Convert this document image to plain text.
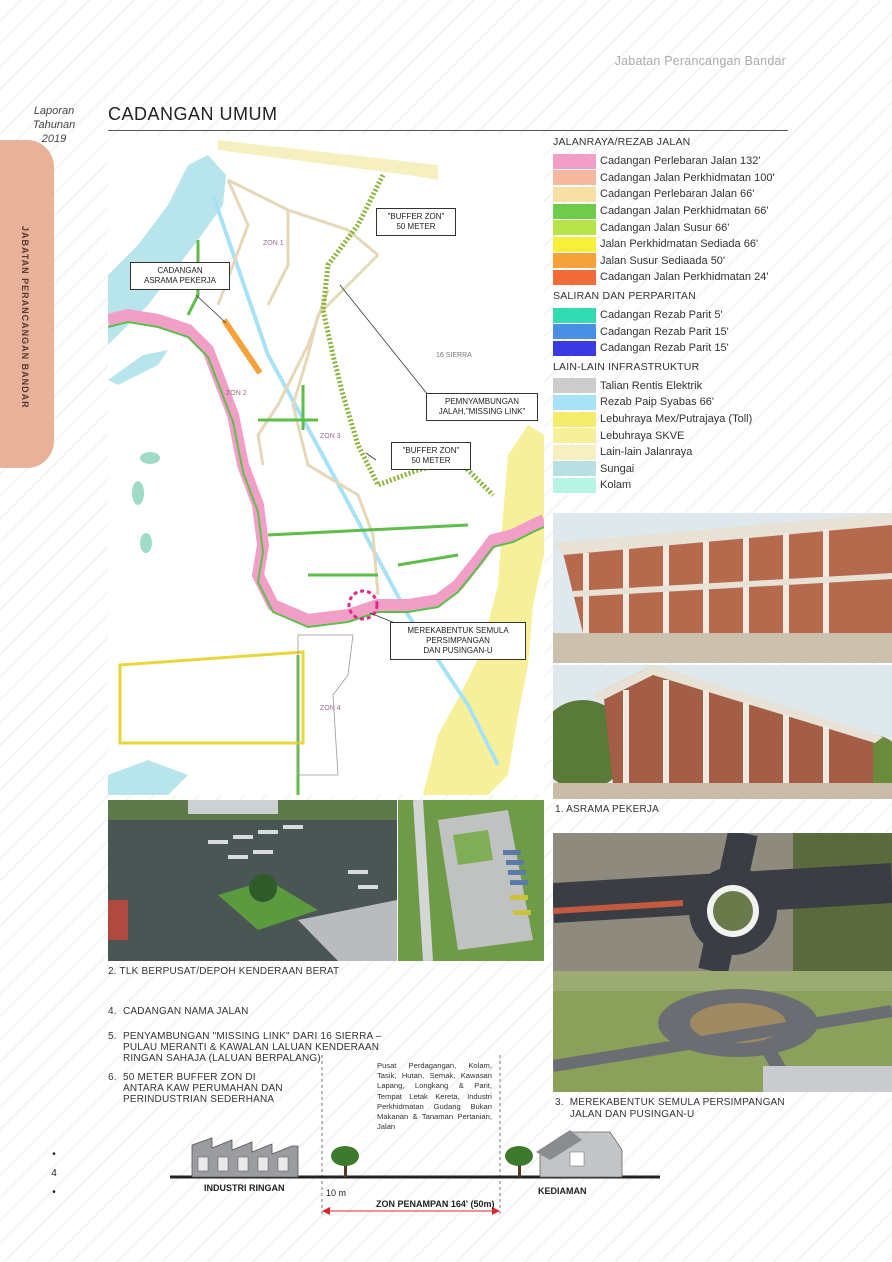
Jabatan Perancangan Bandar
Laporan
Tahunan
2019
JABATAN PERANCANGAN BANDAR
CADANGAN UMUM
ZON 1
ZON 2
ZON 3
ZON 4
16 SIERRA
CADANGAN
ASRAMA PEKERJA
"BUFFER ZON"
50 METER
PEMNYAMBUNGAN
JALAH,"MISSING LINK"
"BUFFER ZON"
50 METER
MEREKABENTUK SEMULA
PERSIMPANGAN
DAN PUSINGAN-U
JALANRAYA/REZAB JALAN
Cadangan Perlebaran Jalan 132'
Cadangan Jalan Perkhidmatan 100'
Cadangan Perlebaran Jalan 66'
Cadangan Jalan Perkhidmatan 66'
Cadangan Jalan Susur 66'
Jalan Perkhidmatan Sediada 66'
Jalan Susur Sediaada 50'
Cadangan Jalan Perkhidmatan 24'
SALIRAN DAN PERPARITAN
Cadangan Rezab Parit 5'
Cadangan Rezab Parit 15'
Cadangan Rezab Parit 15'
LAIN-LAIN INFRASTRUKTUR
Talian Rentis Elektrik
Rezab Paip Syabas 66'
Lebuhraya Mex/Putrajaya (Toll)
Lebuhraya SKVE
Lain-lain Jalanraya
Sungai
Kolam
1. ASRAMA PEKERJA
2. TLK BERPUSAT/DEPOH KENDERAAN BERAT
3.  MEREKABENTUK SEMULA PERSIMPANGAN
JALAN DAN PUSINGAN-U
4. CADANGAN NAMA JALAN
5. PENYAMBUNGAN "MISSING LINK" DARI 16 SIERRA –
PULAU MERANTI & KAWALAN LALUAN KENDERAAN
RINGAN SAHAJA (LALUAN BERPALANG)
6. 50 METER BUFFER ZON DI
ANTARA KAW PERUMAHAN DAN
PERINDUSTRIAN SEDERHANA
Pusat Perdagangan, Kolam, Tasik, Hutan, Semak, Kawasan Lapang, Longkang & Parit, Tempat Letak Kereta, Industri Perkhidmatan Gudang Bukan Makanan & Tanaman Pertanian, Jalan
INDUSTRI RINGAN	10 m
ZON PENAMPAN 164' (50m)
KEDIAMAN
•
4
•
